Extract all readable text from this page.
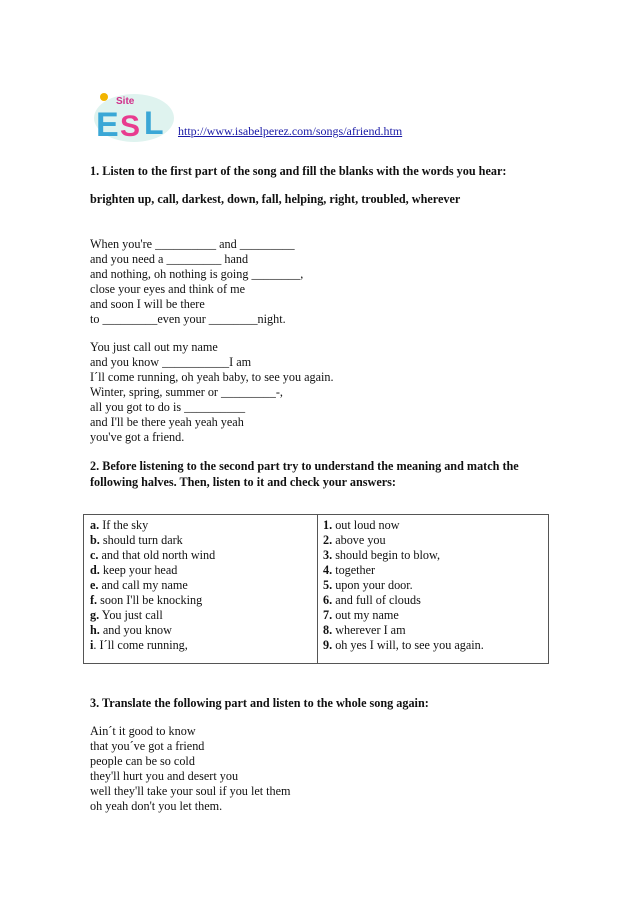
Site
E S L http://www.isabelperez.com/songs/afriend.htm
1. Listen to the first part of the song and fill the blanks with the words you hear:
brighten up, call, darkest, down, fall, helping, right, troubled, wherever
When you're __________ and _________
and you need a _________ hand
and nothing, oh nothing is going ________,
close your eyes and think of me
and soon I will be there
to _________even your ________night.
You just call out my name
and you know ___________I am
I´ll come running, oh yeah baby, to see you again.
Winter, spring, summer or _________-,
all you got to do is __________
and I'll be there yeah yeah yeah
you've got a friend.
2. Before listening to the second part try to understand the meaning and match the
following halves. Then, listen to it and check your answers:
a. If the sky
b. should turn dark
c. and that old north wind
d. keep your head
e. and call my name
f. soon I'll be knocking
g. You just call
h. and you know
i. I´ll come running,
1. out loud now
2. above you
3. should begin to blow,
4. together
5. upon your door.
6. and full of clouds
7. out my name
8. wherever I am
9. oh yes I will, to see you again.
3. Translate the following part and listen to the whole song again:
Ain´t it good to know
that you´ve got a friend
people can be so cold
they'll hurt you and desert you
well they'll take your soul if you let them
oh yeah don't you let them.
